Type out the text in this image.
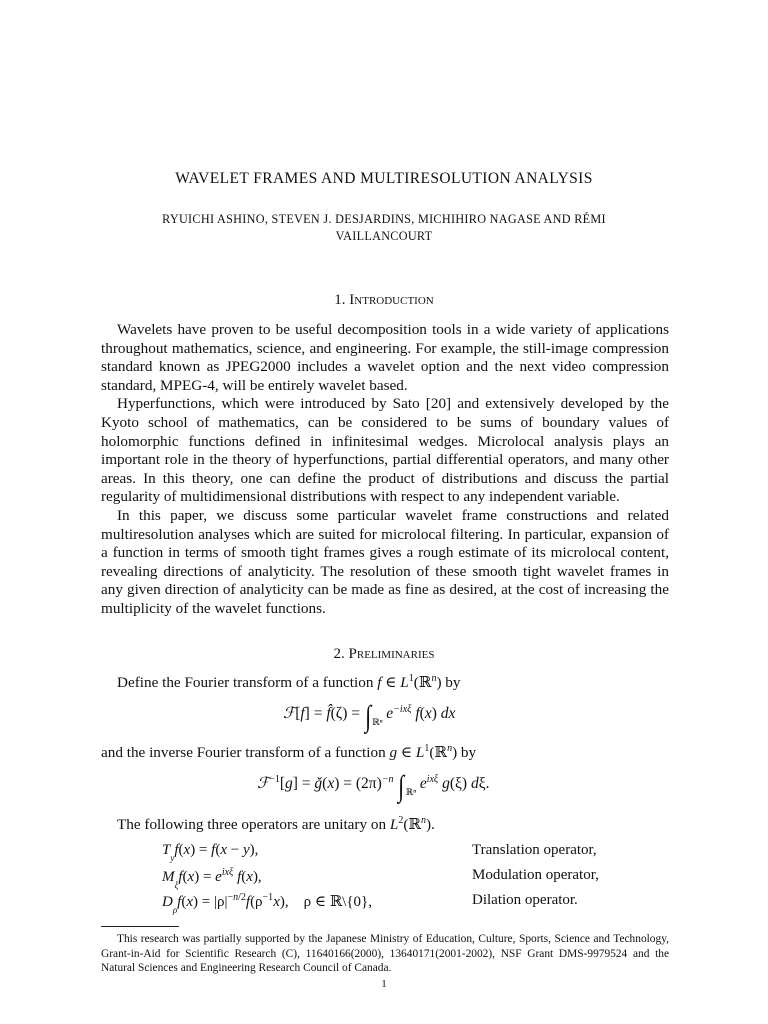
WAVELET FRAMES AND MULTIRESOLUTION ANALYSIS
RYUICHI ASHINO, STEVEN J. DESJARDINS, MICHIHIRO NAGASE AND RÉMI
VAILLANCOURT
1. Introduction

Wavelets have proven to be useful decomposition tools in a wide variety of applications throughout mathematics, science, and engineering. For example, the still-image compression standard known as JPEG2000 includes a wavelet option and the next video compression standard, MPEG-4, will be entirely wavelet based.

Hyperfunctions, which were introduced by Sato [20] and extensively developed by the Kyoto school of mathematics, can be considered to be sums of boundary values of holomorphic functions defined in infinitesimal wedges. Microlocal analysis plays an important role in the theory of hyperfunctions, partial differential operators, and many other areas. In this theory, one can define the product of distributions and discuss the partial regularity of multidimensional distributions with respect to any independent variable.

In this paper, we discuss some particular wavelet frame constructions and related multiresolution analyses which are suited for microlocal filtering. In particular, expansion of a function in terms of smooth tight frames gives a rough estimate of its microlocal content, revealing directions of analyticity. The resolution of these smooth tight wavelet frames in any given direction of analyticity can be made as fine as desired, at the cost of increasing the multiplicity of the wavelet functions.

2. Preliminaries
Define the Fourier transform of a function f ∈ $L^1(ℝ^n)$ by
ℱ[f] = f̂(ζ) = $\int_{ℝ^n}$ $e^{-ix\xi}$ f(x) dx
and the inverse Fourier transform of a function g ∈ $L^1(ℝ^n)$ by
ℱ$^{-1}$[g] = ǧ(x) = $(2\pi)^{-n}$ $\int_{ℝ^n}$ $e^{ix\xi}$ g(ξ) dξ.
The following three operators are unitary on $L^2(ℝ^n)$.
$T_yf(x) = f(x - y)$,	Translation operator,
$M_\xi f(x) = e^{ix\xi}$ f(x),	Modulation operator,
$D_\rho f(x) = |\rho|^{-n/2}f(\rho^{-1}x)$,    ρ ∈ ℝ\{0},	Dilation operator.

This research was partially supported by the Japanese Ministry of Education, Culture, Sports, Science and Technology, Grant-in-Aid for Scientific Research (C), 11640166(2000), 13640171(2001-2002), NSF Grant DMS-9979524 and the Natural Sciences and Engineering Research Council of Canada.

1
